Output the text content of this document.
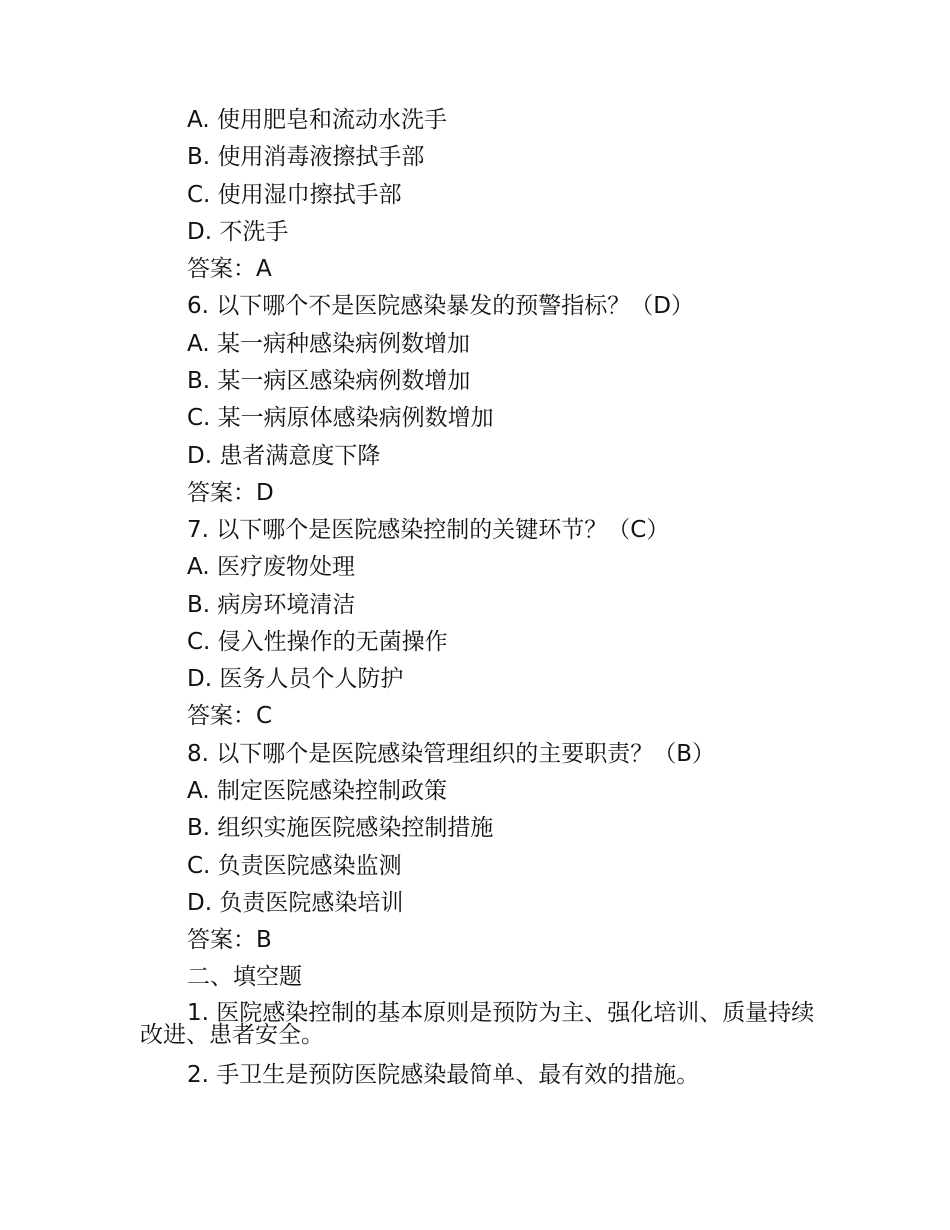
A. 使用肥皂和流动水洗手
B. 使用消毒液擦拭手部
C. 使用湿巾擦拭手部
D. 不洗手
答案：A
6. 以下哪个不是医院感染暴发的预警指标？（D）
A. 某一病种感染病例数增加
B. 某一病区感染病例数增加
C. 某一病原体感染病例数增加
D. 患者满意度下降
答案：D
7. 以下哪个是医院感染控制的关键环节？（C）
A. 医疗废物处理
B. 病房环境清洁
C. 侵入性操作的无菌操作
D. 医务人员个人防护
答案：C
8. 以下哪个是医院感染管理组织的主要职责？（B）
A. 制定医院感染控制政策
B. 组织实施医院感染控制措施
C. 负责医院感染监测
D. 负责医院感染培训
答案：B
二、填空题
1. 医院感染控制的基本原则是预防为主、强化培训、质量持续改进、患者安全。
2. 手卫生是预防医院感染最简单、最有效的措施。
